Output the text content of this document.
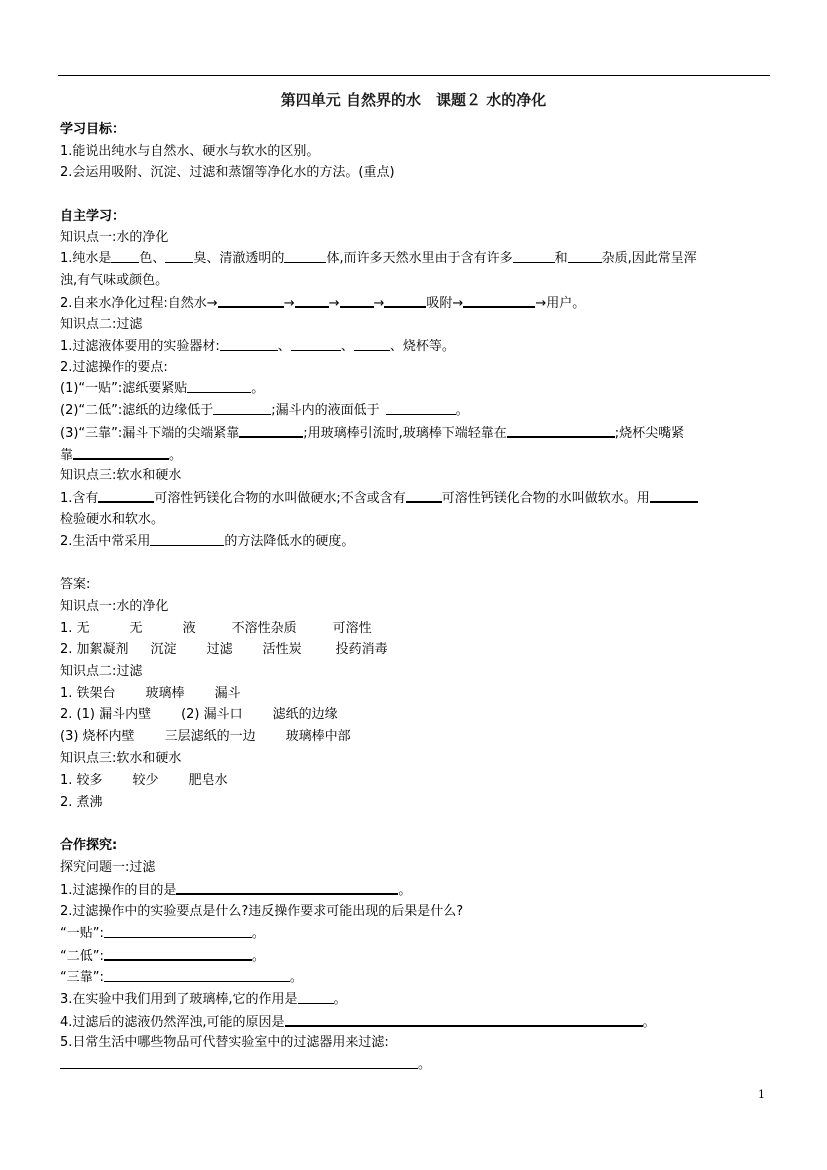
第四单元 自然界的水　课题２ 水的净化
学习目标：
1.能说出纯水与自然水、硬水与软水的区别。
2.会运用吸附、沉淀、过滤和蒸馏等净化水的方法。(重点)
自主学习：
知识点一:水的净化
1.纯水是 色、 臭、清澈透明的	体,而许多天然水里由于含有许多	和	杂质,因此常呈浑
浊,有气味或颜色。
2.自来水净化过程:自然水→	→	→	→	吸附→	→用户。
知识点二:过滤
1.过滤液体要用的实验器材:	、	、	、烧杯等。
2.过滤操作的要点:
(1)“一贴”:滤纸要紧贴	。
(2)“二低”:滤纸的边缘低于	;漏斗内的液面低于	。
(3)“三靠”:漏斗下端的尖端紧靠	;用玻璃棒引流时,玻璃棒下端轻靠在	;烧杯尖嘴紧
靠	。
知识点三:软水和硬水
1.含有	可溶性钙镁化合物的水叫做硬水;不含或含有	可溶性钙镁化合物的水叫做软水。用
检验硬水和软水。
2.生活中常采用	的方法降低水的硬度。
答案:
知识点一:水的净化
1. 无	无	液	不溶性杂质	可溶性
2. 加絮凝剂 沉淀 过滤 活性炭	投药消毒
知识点二:过滤
1. 铁架台 玻璃棒 漏斗
2. (1) 漏斗内壁 (2) 漏斗口 滤纸的边缘
(3) 烧杯内壁 三层滤纸的一边 玻璃棒中部
知识点三:软水和硬水
1. 较多 较少 肥皂水
2. 煮沸
合作探究:
探究问题一:过滤
1.过滤操作的目的是	。
2.过滤操作中的实验要点是什么?违反操作要求可能出现的后果是什么?
“一贴”:	。
“二低”:	。
“三靠”:	。
3.在实验中我们用到了玻璃棒,它的作用是	。
4.过滤后的滤液仍然浑浊,可能的原因是	。
5.日常生活中哪些物品可代替实验室中的过滤器用来过滤:
。
1
